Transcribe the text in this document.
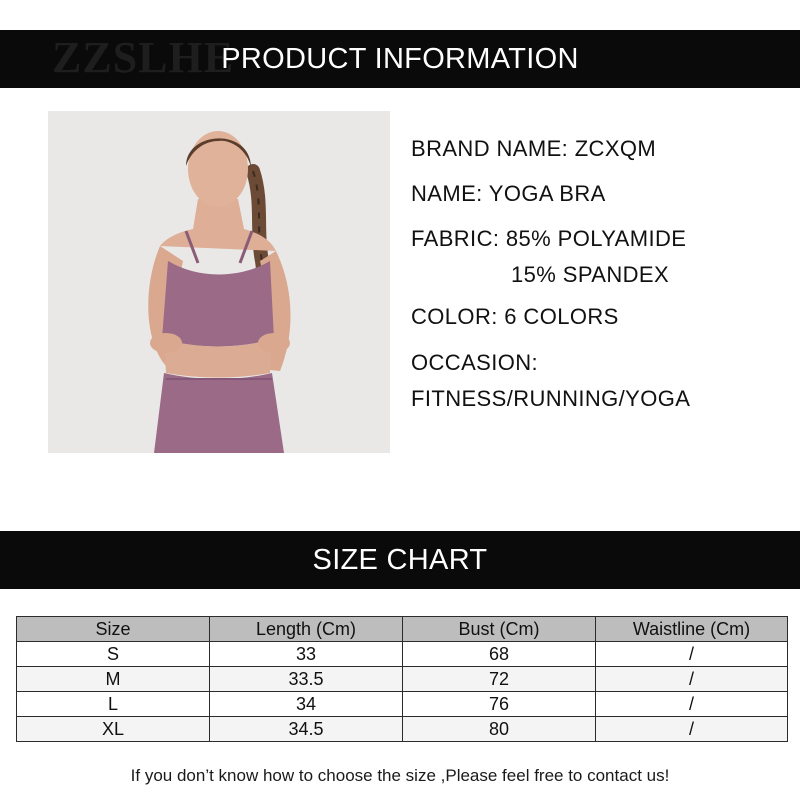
PRODUCT INFORMATION
ZZSLHE
BRAND NAME: ZCXQM
NAME: YOGA BRA
FABRIC: 85% POLYAMIDE
15% SPANDEX
COLOR: 6 COLORS
OCCASION:
FITNESS/RUNNING/YOGA
SIZE CHART
Size	Length (Cm)	Bust (Cm)	Waistline (Cm)
S	33	68	/
M	33.5	72	/
L	34	76	/
XL	34.5	80	/
If you don’t know how to choose the size ,Please feel free to contact us!
